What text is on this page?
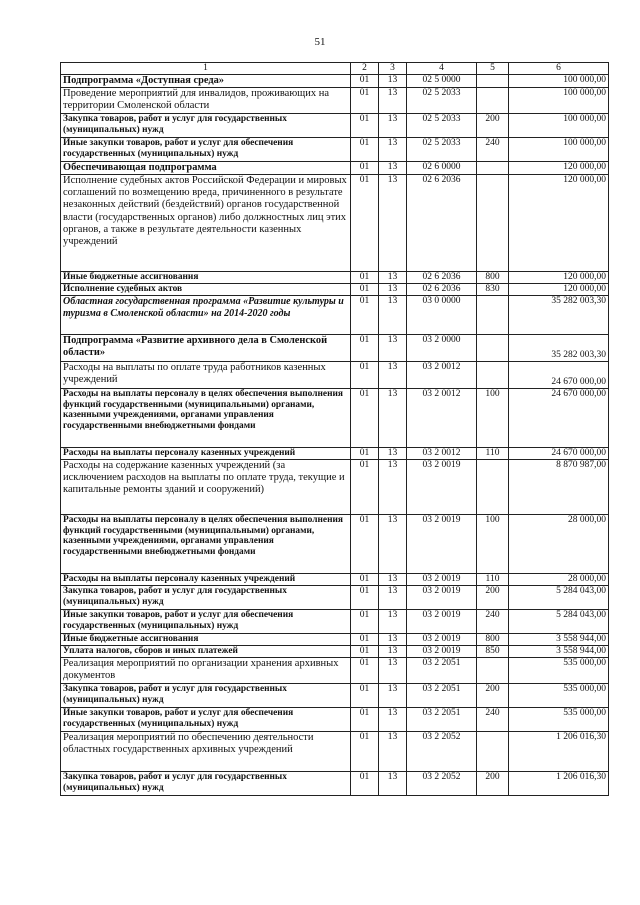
51
1	2	3	4	5	6
Подпрограмма «Доступная среда»	01	13	02 5 0000		100 000,00
Проведение мероприятий для инвалидов, проживающих на территории Смоленской области	01	13	02 5 2033		100 000,00
Закупка товаров, работ и услуг для государственных (муниципальных) нужд	01	13	02 5 2033	200	100 000,00
Иные закупки товаров, работ и услуг для обеспечения государственных (муниципальных) нужд	01	13	02 5 2033	240	100 000,00
Обеспечивающая подпрограмма	01	13	02 6 0000		120 000,00
Исполнение судебных актов Российской Федерации и мировых соглашений по возмещению вреда, причиненного в результате незаконных действий (бездействий) органов государственной власти (государственных органов) либо должностных лиц этих органов, а также в результате деятельности казенных учреждений	01	13	02 6 2036		120 000,00
Иные бюджетные ассигнования	01	13	02 6 2036	800	120 000,00
Исполнение судебных актов	01	13	02 6 2036	830	120 000,00
Областная государственная программа «Развитие культуры и туризма в Смоленской области» на 2014-2020 годы	01	13	03 0 0000		35 282 003,30
Подпрограмма «Развитие архивного дела в Смоленской области»	01	13	03 2 0000		35 282 003,30
Расходы на выплаты по оплате труда работников казенных учреждений	01	13	03 2 0012		24 670 000,00
Расходы на выплаты персоналу в целях обеспечения выполнения функций государственными (муниципальными) органами, казенными учреждениями, органами управления государственными внебюджетными фондами	01	13	03 2 0012	100	24 670 000,00
Расходы на выплаты персоналу казенных учреждений	01	13	03 2 0012	110	24 670 000,00
Расходы на содержание казенных учреждений (за исключением расходов на выплаты по оплате труда, текущие и капитальные ремонты зданий и сооружений)	01	13	03 2 0019		8 870 987,00
Расходы на выплаты персоналу в целях обеспечения выполнения функций государственными (муниципальными) органами, казенными учреждениями, органами управления государственными внебюджетными фондами	01	13	03 2 0019	100	28 000,00
Расходы на выплаты персоналу казенных учреждений	01	13	03 2 0019	110	28 000,00
Закупка товаров, работ и услуг для государственных (муниципальных) нужд	01	13	03 2 0019	200	5 284 043,00
Иные закупки товаров, работ и услуг для обеспечения государственных (муниципальных) нужд	01	13	03 2 0019	240	5 284 043,00
Иные бюджетные ассигнования	01	13	03 2 0019	800	3 558 944,00
Уплата налогов, сборов и иных платежей	01	13	03 2 0019	850	3 558 944,00
Реализация мероприятий по организации хранения архивных документов	01	13	03 2 2051		535 000,00
Закупка товаров, работ и услуг для государственных (муниципальных) нужд	01	13	03 2 2051	200	535 000,00
Иные закупки товаров, работ и услуг для обеспечения государственных (муниципальных) нужд	01	13	03 2 2051	240	535 000,00
Реализация мероприятий по обеспечению деятельности областных государственных архивных учреждений	01	13	03 2 2052		1 206 016,30
Закупка товаров, работ и услуг для государственных (муниципальных) нужд	01	13	03 2 2052	200	1 206 016,30
